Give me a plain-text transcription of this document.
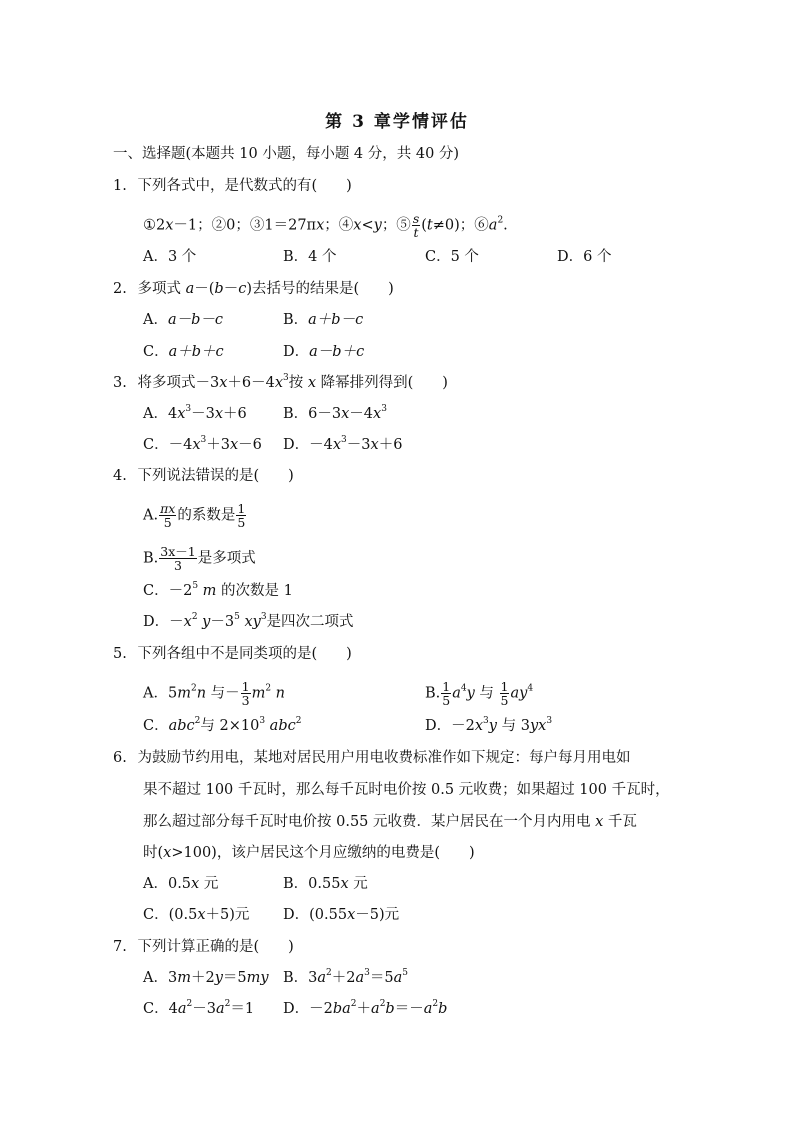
第 3 章学情评估
一、选择题(本题共 10 小题，每小题 4 分，共 40 分)
1. 下列各式中，是代数式的有(　　)
①2x－1；②0；③1＝27πx；④x<y；⑤ $\frac{s}{t} (t\ne 0)$；$⑥a^2$.
A．3 个	B．4 个	C．5 个	D．6 个
2. 多项式 a－(b－c)去括号的结果是(　　)
A．a－b－c	B．a＋b－c
C．a＋b＋c	D．a－b＋c
3. 将多项式$-3x+6-4x^3$按 x 降幂排列得到(　　)
A．$4x^3-3x+6$ B．$6-3x-4x^3$
C．$-4x^3+3x-6$ D．$-4x^3-3x+6$
4. 下列说法错误的是(　　)
A. $\frac{\pi x}{5}$ 的系数是 $\frac{1}{5}$
B. $\frac{3x-1}{3}$ 是多项式
C．$-2^5$ m 的次数是 1
D．$-x^2$ $y-3^5$ $xy^3$是四次二项式
5. 下列各组中不是同类项的是(　　)
A．$5m^2n$ 与－ $\frac{1}{3} m^2$ n	B. $\frac{1}{5} a^4y$ 与 $\frac{1}{5} ay^4$
C．abc$^2$与 $2\times 10^3$ abc$^2$	D．$-2x^3y$ 与 $3yx^3$
6. 为鼓励节约用电，某地对居民用户用电收费标准作如下规定：每户每月用电如
果不超过 100 千瓦时，那么每千瓦时电价按 0.5 元收费；如果超过 100 千瓦时，
那么超过部分每千瓦时电价按 0.55 元收费．某户居民在一个月内用电 x 千瓦
时(x>100)，该户居民这个月应缴纳的电费是(　　)
A．0.5x 元	B．0.55x 元
C．(0.5x＋5)元 D．(0.55x－5)元
7. 下列计算正确的是(　　)
A．3m＋2y＝5my B．$3a^2+2a^3=5a^5$
C．$4a^2-3a^2=1$ D．$-2ba^2+a^2b=-a^2b$
